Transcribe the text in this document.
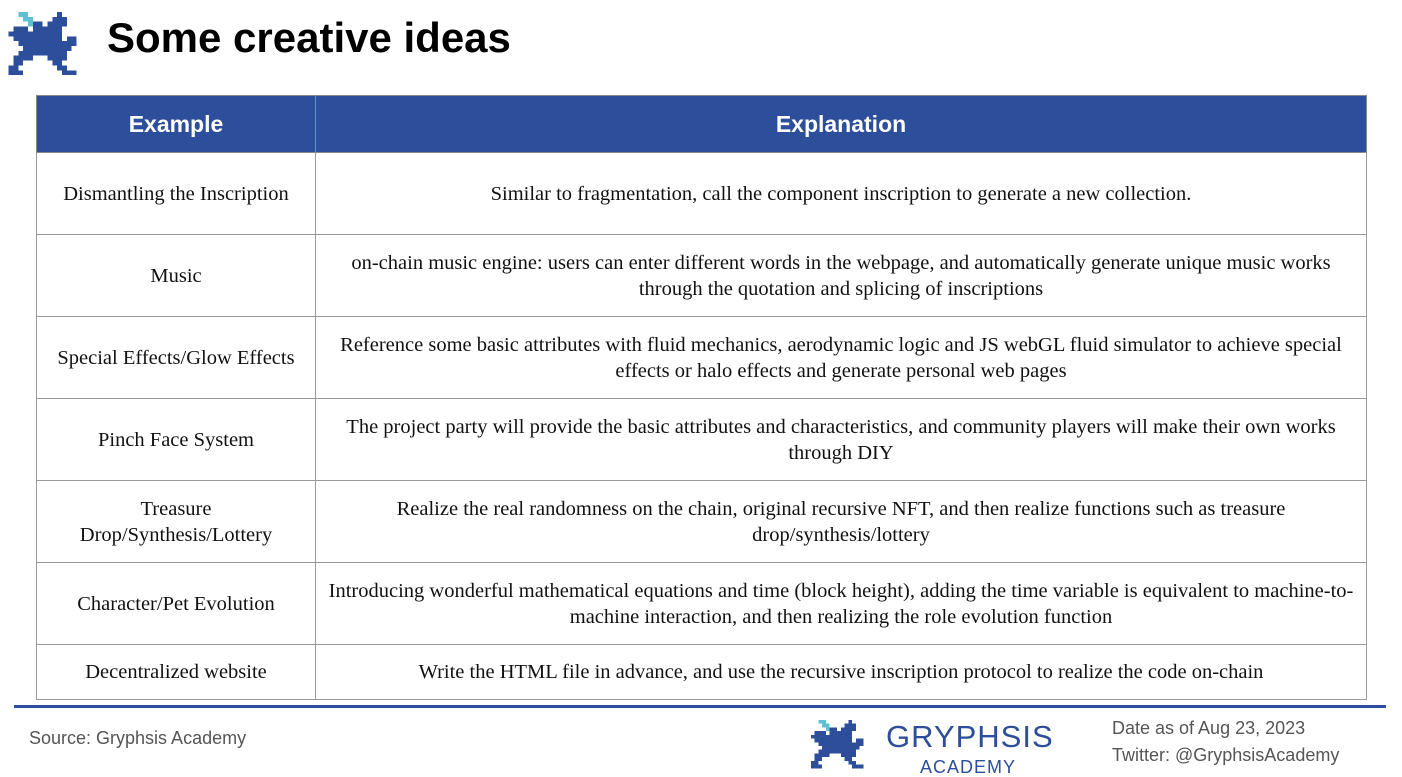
Some creative ideas
Example	Explanation
Dismantling the Inscription	Similar to fragmentation, call the component inscription to generate a new collection.
Music	on-chain music engine: users can enter different words in the webpage, and automatically generate unique music works through the quotation and splicing of inscriptions
Special Effects/Glow Effects	Reference some basic attributes with fluid mechanics, aerodynamic logic and JS webGL fluid simulator to achieve special effects or halo effects and generate personal web pages
Pinch Face System	The project party will provide the basic attributes and characteristics, and community players will make their own works through DIY
Treasure Drop/Synthesis/Lottery	Realize the real randomness on the chain, original recursive NFT, and then realize functions such as treasure drop/synthesis/lottery
Character/Pet Evolution	Introducing wonderful mathematical equations and time (block height), adding the time variable is equivalent to machine-to-machine interaction, and then realizing the role evolution function
Decentralized website	Write the HTML file in advance, and use the recursive inscription protocol to realize the code on-chain
Source: Gryphsis Academy	GRYPHSIS
ACADEMY
Date as of Aug 23, 2023
Twitter: @GryphsisAcademy
